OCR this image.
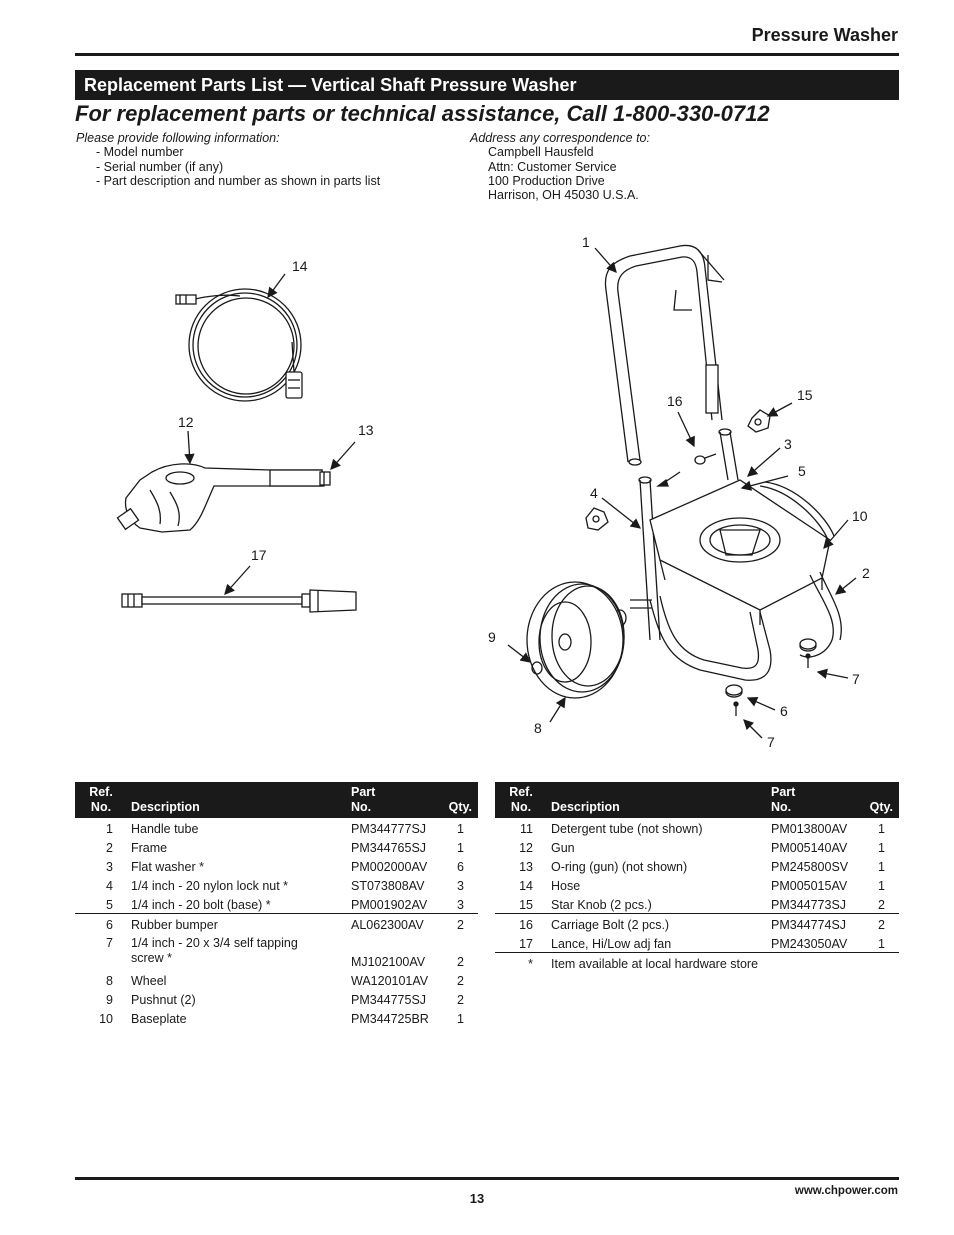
Pressure Washer
Replacement Parts List — Vertical Shaft Pressure Washer
For replacement parts or technical assistance, Call 1-800-330-0712
Please provide following information:
- Model number
- Serial number (if any)
- Part description and number as shown in parts list
Address any correspondence to:
Campbell Hausfeld
Attn: Customer Service
100 Production Drive
Harrison, OH 45030 U.S.A.
14
12	13
17
1
16	15
3
5
4
10
2
9
7
6
8
7
Ref.
No.	Description	Part
No.	Qty.
1	Handle tube	PM344777SJ	1
2	Frame	PM344765SJ	1
3	Flat washer *	PM002000AV	6
4	1/4 inch - 20 nylon lock nut *	ST073808AV	3
5	1/4 inch - 20 bolt (base) *	PM001902AV	3
6	Rubber bumper	AL062300AV	2
7	1/4 inch - 20 x 3/4 self tapping
screw *	MJ102100AV	2
8	Wheel	WA120101AV	2
9	Pushnut (2)	PM344775SJ	2
10	Baseplate	PM344725BR	1
Ref.
No.	Description	Part
No.	Qty.
11	Detergent tube (not shown)	PM013800AV	1
12	Gun	PM005140AV	1
13	O-ring (gun) (not shown)	PM245800SV	1
14	Hose	PM005015AV	1
15	Star Knob (2 pcs.)	PM344773SJ	2
16	Carriage Bolt (2 pcs.)	PM344774SJ	2
17	Lance, Hi/Low adj fan	PM243050AV	1
*	Item available at local hardware store		
13	www.chpower.com
